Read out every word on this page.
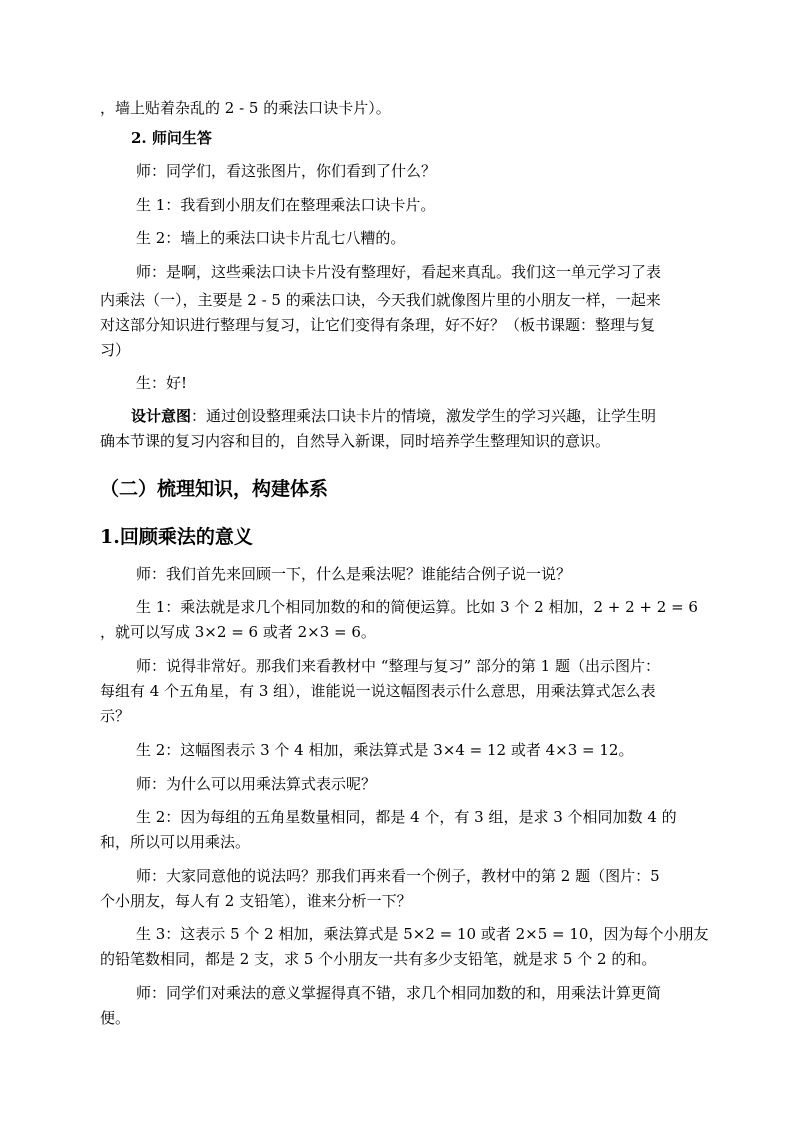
，墙上贴着杂乱的 2 - 5 的乘法口诀卡片）。
2. 师问生答
师：同学们，看这张图片，你们看到了什么？
生 1：我看到小朋友们在整理乘法口诀卡片。
生 2：墙上的乘法口诀卡片乱七八糟的。
师：是啊，这些乘法口诀卡片没有整理好，看起来真乱。我们这一单元学习了表
内乘法（一），主要是 2 - 5 的乘法口诀，今天我们就像图片里的小朋友一样，一起来
对这部分知识进行整理与复习，让它们变得有条理，好不好？（板书课题：整理与复
习）
生：好!
设计意图：通过创设整理乘法口诀卡片的情境，激发学生的学习兴趣，让学生明
确本节课的复习内容和目的，自然导入新课，同时培养学生整理知识的意识。
（二）梳理知识，构建体系
1.回顾乘法的意义
师：我们首先来回顾一下，什么是乘法呢？谁能结合例子说一说？
生 1：乘法就是求几个相同加数的和的简便运算。比如 3 个 2 相加，2 + 2 + 2 = 6
，就可以写成 3×2 = 6 或者 2×3 = 6。
师：说得非常好。那我们来看教材中 “整理与复习” 部分的第 1 题（出示图片：
每组有 4 个五角星，有 3 组），谁能说一说这幅图表示什么意思，用乘法算式怎么表
示？
生 2：这幅图表示 3 个 4 相加，乘法算式是 3×4 = 12 或者 4×3 = 12。
师：为什么可以用乘法算式表示呢？
生 2：因为每组的五角星数量相同，都是 4 个，有 3 组，是求 3 个相同加数 4 的
和，所以可以用乘法。
师：大家同意他的说法吗？那我们再来看一个例子，教材中的第 2 题（图片：5
个小朋友，每人有 2 支铅笔），谁来分析一下？
生 3：这表示 5 个 2 相加，乘法算式是 5×2 = 10 或者 2×5 = 10，因为每个小朋友
的铅笔数相同，都是 2 支，求 5 个小朋友一共有多少支铅笔，就是求 5 个 2 的和。
师：同学们对乘法的意义掌握得真不错，求几个相同加数的和，用乘法计算更简
便。
